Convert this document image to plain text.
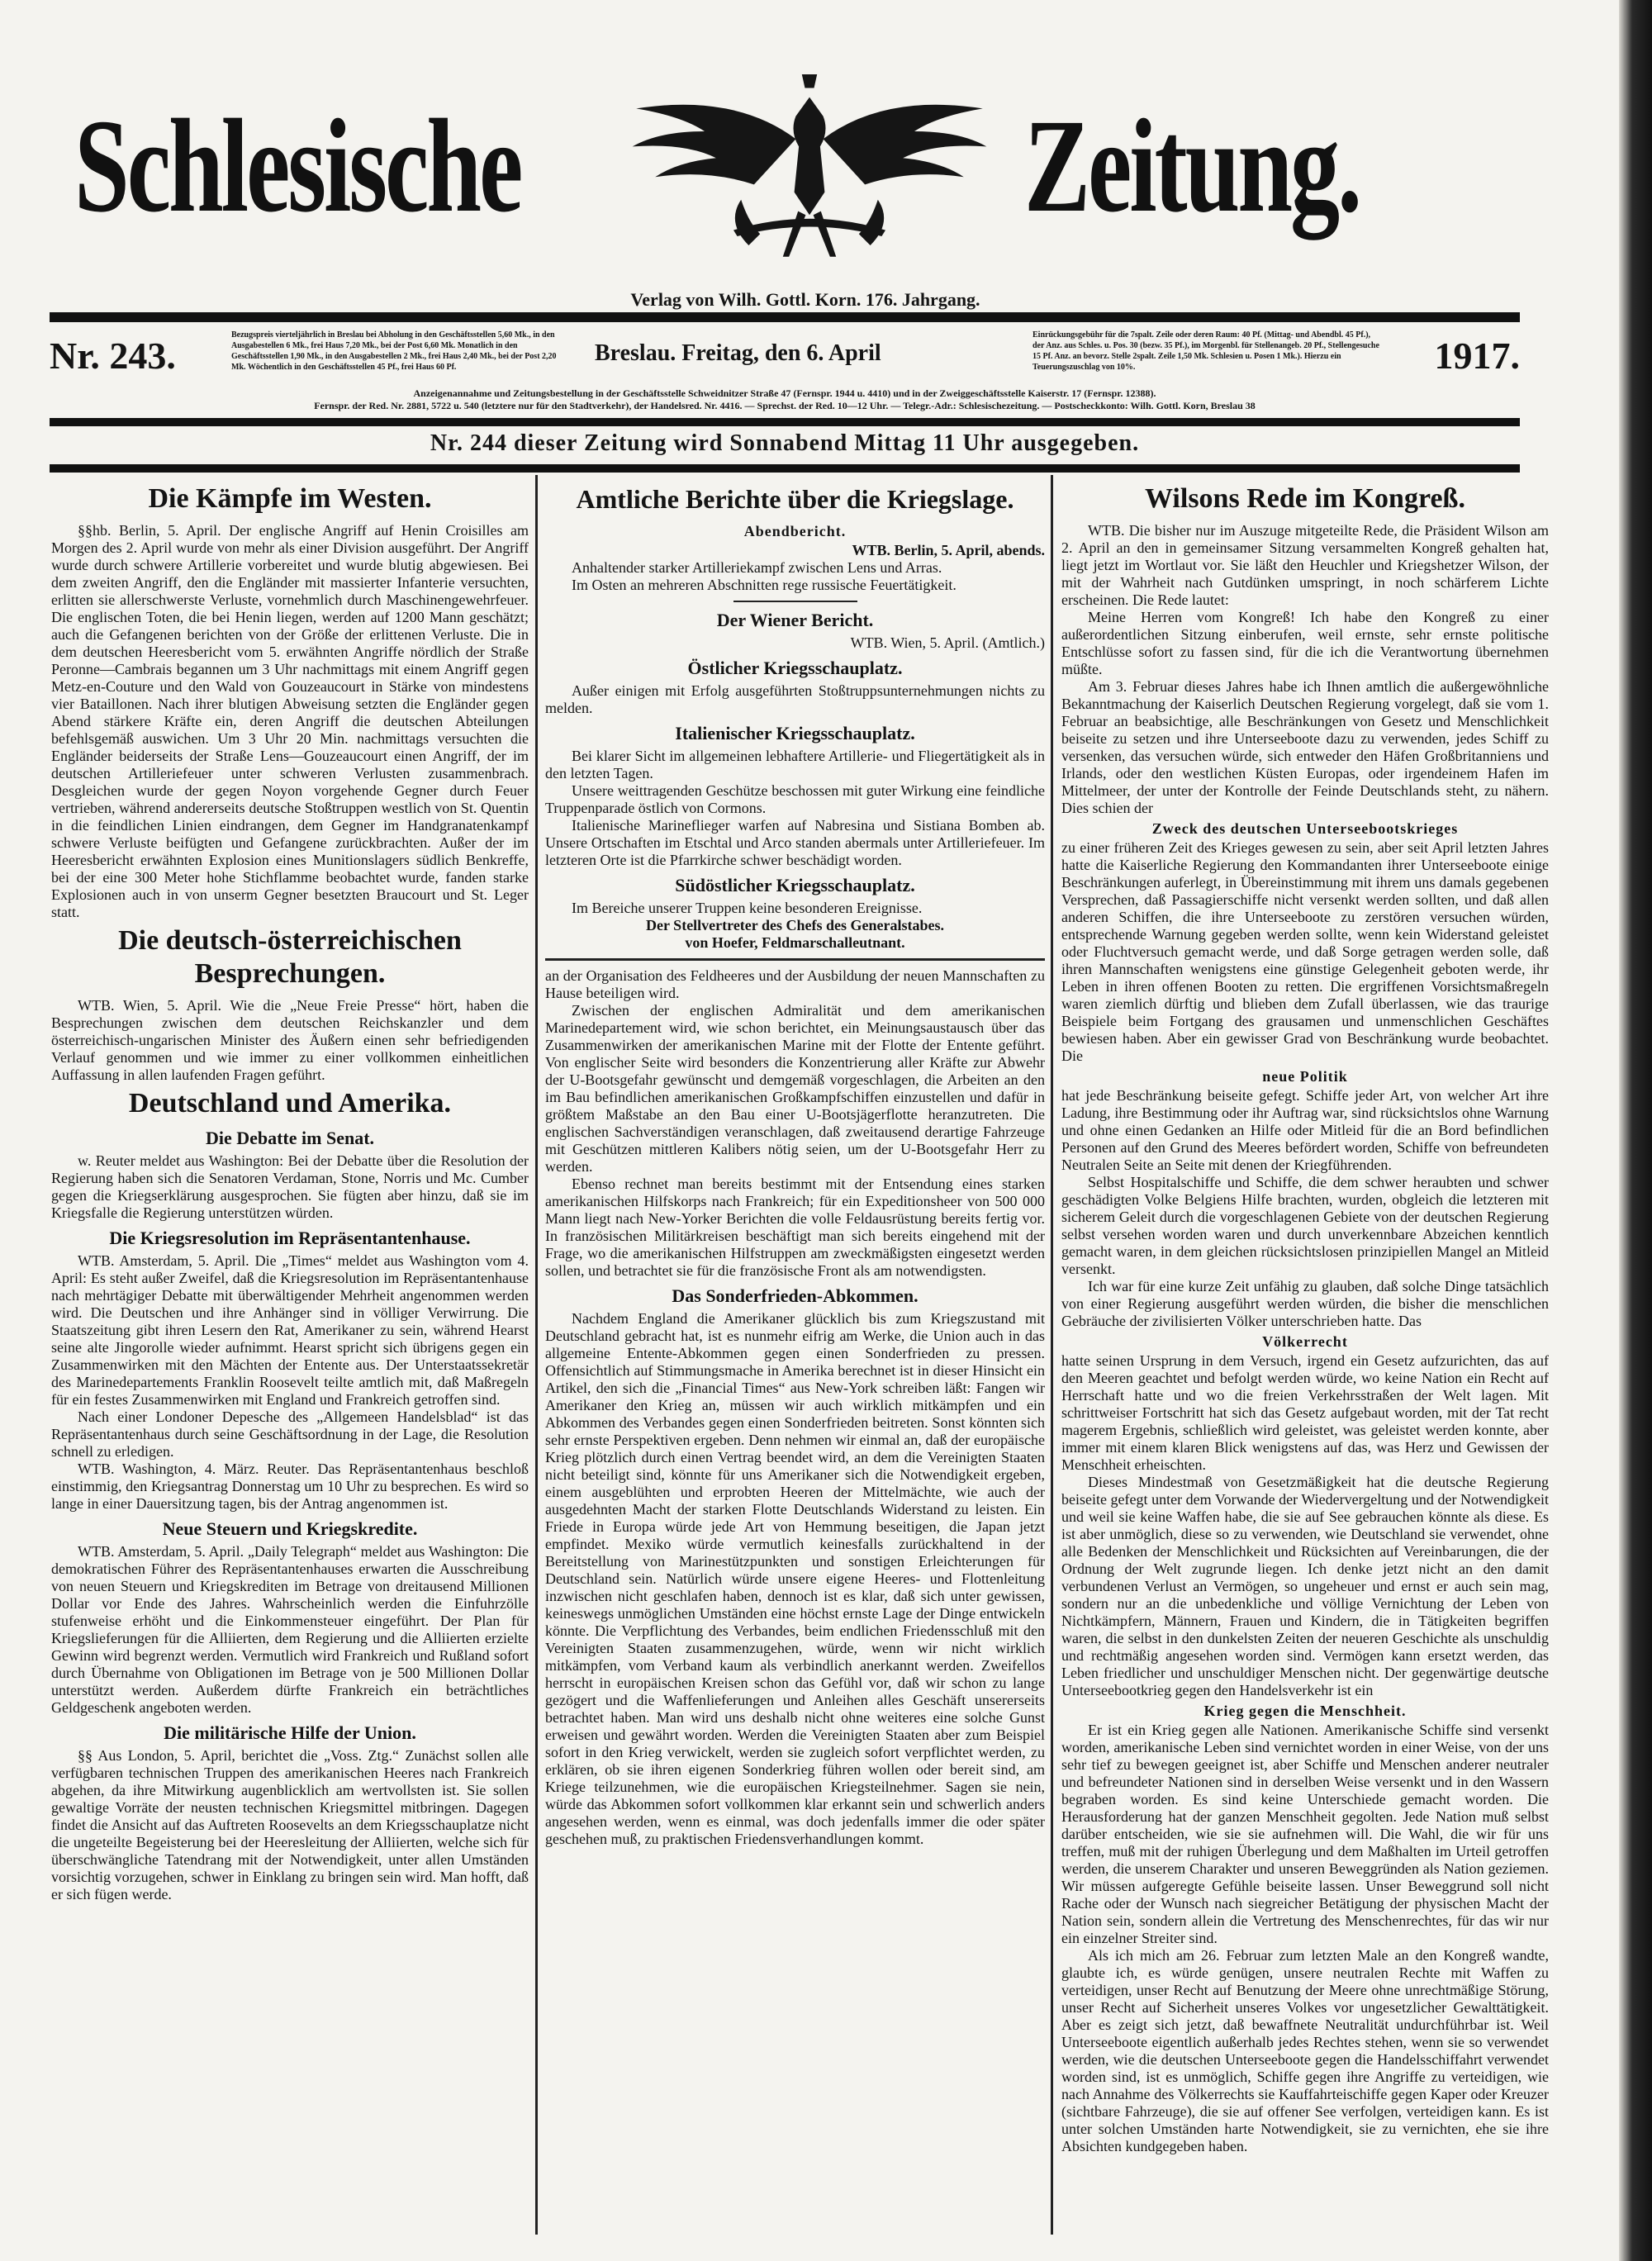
Schlesische	Zeitung.
Verlag von Wilh. Gottl. Korn. 176. Jahrgang.
Nr. 243.	Bezugspreis vierteljährlich in Breslau bei Abholung in den Geschäftsstellen 5,60 Mk., in den Ausgabestellen 6 Mk., frei Haus 7,20 Mk., bei der Post 6,60 Mk. Monatlich in den Geschäftsstellen 1,90 Mk., in den Ausgabestellen 2 Mk., frei Haus 2,40 Mk., bei der Post 2,20 Mk. Wöchentlich in den Geschäftsstellen 45 Pf., frei Haus 60 Pf.
Breslau. Freitag, den 6. April
Einrückungsgebühr für die 7spalt. Zeile oder deren Raum: 40 Pf. (Mittag- und Abendbl. 45 Pf.), der Anz. aus Schles. u. Pos. 30 (bezw. 35 Pf.), im Morgenbl. für Stellenangeb. 20 Pf., Stellengesuche 15 Pf. Anz. an bevorz. Stelle 2spalt. Zeile 1,50 Mk. Schlesien u. Posen 1 Mk.). Hierzu ein Teuerungszuschlag von 10%.	1917.
Anzeigenannahme und Zeitungsbestellung in der Geschäftsstelle Schweidnitzer Straße 47 (Fernspr. 1944 u. 4410) und in der Zweiggeschäftsstelle Kaiserstr. 17 (Fernspr. 12388).
Fernspr. der Red. Nr. 2881, 5722 u. 540 (letztere nur für den Stadtverkehr), der Handelsred. Nr. 4416. — Sprechst. der Red. 10—12 Uhr. — Telegr.-Adr.: Schlesischezeitung. — Postscheckkonto: Wilh. Gottl. Korn, Breslau 38
Nr. 244 dieser Zeitung wird Sonnabend Mittag 11 Uhr ausgegeben.
Die Kämpfe im Westen.

§§hb. Berlin, 5. April. Der englische Angriff auf Henin Croisilles am Morgen des 2. April wurde von mehr als einer Division ausgeführt. Der Angriff wurde durch schwere Artillerie vorbereitet und wurde blutig abgewiesen. Bei dem zweiten Angriff, den die Engländer mit massierter Infanterie versuchten, erlitten sie allerschwerste Verluste, vornehmlich durch Maschinengewehrfeuer. Die englischen Toten, die bei Henin liegen, werden auf 1200 Mann geschätzt; auch die Gefangenen berichten von der Größe der erlittenen Verluste. Die in dem deutschen Heeresbericht vom 5. erwähnten Angriffe nördlich der Straße Peronne—Cambrais begannen um 3 Uhr nachmittags mit einem Angriff gegen Metz-en-Couture und den Wald von Gouzeaucourt in Stärke von mindestens vier Bataillonen. Nach ihrer blutigen Abweisung setzten die Engländer gegen Abend stärkere Kräfte ein, deren Angriff die deutschen Abteilungen befehlsgemäß auswichen. Um 3 Uhr 20 Min. nachmittags versuchten die Engländer beiderseits der Straße Lens—Gouzeaucourt einen Angriff, der im deutschen Artilleriefeuer unter schweren Verlusten zusammenbrach. Desgleichen wurde der gegen Noyon vorgehende Gegner durch Feuer vertrieben, während andererseits deutsche Stoßtruppen westlich von St. Quentin in die feindlichen Linien eindrangen, dem Gegner im Handgranatenkampf schwere Verluste beifügten und Gefangene zurückbrachten. Außer der im Heeresbericht erwähnten Explosion eines Munitionslagers südlich Benkreffe, bei der eine 300 Meter hohe Stichflamme beobachtet wurde, fanden starke Explosionen auch in von unserm Gegner besetzten Braucourt und St. Leger statt.

Die deutsch-österreichischen Besprechungen.

WTB. Wien, 5. April. Wie die „Neue Freie Presse“ hört, haben die Besprechungen zwischen dem deutschen Reichskanzler und dem österreichisch-ungarischen Minister des Äußern einen sehr befriedigenden Verlauf genommen und wie immer zu einer vollkommen einheitlichen Auffassung in allen laufenden Fragen geführt.

Deutschland und Amerika.
Die Debatte im Senat.

w. Reuter meldet aus Washington: Bei der Debatte über die Resolution der Regierung haben sich die Senatoren Verdaman, Stone, Norris und Mc. Cumber gegen die Kriegserklärung ausgesprochen. Sie fügten aber hinzu, daß sie im Kriegsfalle die Regierung unterstützen würden.

Die Kriegsresolution im Repräsentantenhause.

WTB. Amsterdam, 5. April. Die „Times“ meldet aus Washington vom 4. April: Es steht außer Zweifel, daß die Kriegsresolution im Repräsentantenhause nach mehrtägiger Debatte mit überwältigender Mehrheit angenommen werden wird. Die Deutschen und ihre Anhänger sind in völliger Verwirrung. Die Staatszeitung gibt ihren Lesern den Rat, Amerikaner zu sein, während Hearst seine alte Jingorolle wieder aufnimmt. Hearst spricht sich übrigens gegen ein Zusammenwirken mit den Mächten der Entente aus. Der Unterstaatssekretär des Marinedepartements Franklin Roosevelt teilte amtlich mit, daß Maßregeln für ein festes Zusammenwirken mit England und Frankreich getroffen sind.

Nach einer Londoner Depesche des „Allgemeen Handelsblad“ ist das Repräsentantenhaus durch seine Geschäftsordnung in der Lage, die Resolution schnell zu erledigen.

WTB. Washington, 4. März. Reuter. Das Repräsentantenhaus beschloß einstimmig, den Kriegsantrag Donnerstag um 10 Uhr zu besprechen. Es wird so lange in einer Dauersitzung tagen, bis der Antrag angenommen ist.

Neue Steuern und Kriegskredite.

WTB. Amsterdam, 5. April. „Daily Telegraph“ meldet aus Washington: Die demokratischen Führer des Repräsentantenhauses erwarten die Ausschreibung von neuen Steuern und Kriegskrediten im Betrage von dreitausend Millionen Dollar vor Ende des Jahres. Wahrscheinlich werden die Einfuhrzölle stufenweise erhöht und die Einkommensteuer eingeführt. Der Plan für Kriegslieferungen für die Alliierten, dem Regierung und die Alliierten erzielte Gewinn wird begrenzt werden. Vermutlich wird Frankreich und Rußland sofort durch Übernahme von Obligationen im Betrage von je 500 Millionen Dollar unterstützt werden. Außerdem dürfte Frankreich ein beträchtliches Geldgeschenk angeboten werden.

Die militärische Hilfe der Union.

§§ Aus London, 5. April, berichtet die „Voss. Ztg.“ Zunächst sollen alle verfügbaren technischen Truppen des amerikanischen Heeres nach Frankreich abgehen, da ihre Mitwirkung augenblicklich am wertvollsten ist. Sie sollen gewaltige Vorräte der neusten technischen Kriegsmittel mitbringen. Dagegen findet die Ansicht auf das Auftreten Roosevelts an dem Kriegsschauplatze nicht die ungeteilte Begeisterung bei der Heeresleitung der Alliierten, welche sich für überschwängliche Tatendrang mit der Notwendigkeit, unter allen Umständen vorsichtig vorzugehen, schwer in Einklang zu bringen sein wird. Man hofft, daß er sich fügen werde.

Amtliche Berichte über die Kriegslage.
Abendbericht.

WTB. Berlin, 5. April, abends.

Anhaltender starker Artilleriekampf zwischen Lens und Arras.

Im Osten an mehreren Abschnitten rege russische Feuertätigkeit.

Der Wiener Bericht.

WTB. Wien, 5. April. (Amtlich.)

Östlicher Kriegsschauplatz.

Außer einigen mit Erfolg ausgeführten Stoßtruppsunternehmungen nichts zu melden.

Italienischer Kriegsschauplatz.

Bei klarer Sicht im allgemeinen lebhaftere Artillerie- und Fliegertätigkeit als in den letzten Tagen.

Unsere weittragenden Geschütze beschossen mit guter Wirkung eine feindliche Truppenparade östlich von Cormons.

Italienische Marineflieger warfen auf Nabresina und Sistiana Bomben ab. Unsere Ortschaften im Etschtal und Arco standen abermals unter Artilleriefeuer. Im letzteren Orte ist die Pfarrkirche schwer beschädigt worden.

Südöstlicher Kriegsschauplatz.

Im Bereiche unserer Truppen keine besonderen Ereignisse.

Der Stellvertreter des Chefs des Generalstabes.

von Hoefer, Feldmarschalleutnant.

an der Organisation des Feldheeres und der Ausbildung der neuen Mannschaften zu Hause beteiligen wird.

Zwischen der englischen Admiralität und dem amerikanischen Marinedepartement wird, wie schon berichtet, ein Meinungsaustausch über das Zusammenwirken der amerikanischen Marine mit der Flotte der Entente geführt. Von englischer Seite wird besonders die Konzentrierung aller Kräfte zur Abwehr der U-Bootsgefahr gewünscht und demgemäß vorgeschlagen, die Arbeiten an den im Bau befindlichen amerikanischen Großkampfschiffen einzustellen und dafür in größtem Maßstabe an den Bau einer U-Bootsjägerflotte heranzutreten. Die englischen Sachverständigen veranschlagen, daß zweitausend derartige Fahrzeuge mit Geschützen mittleren Kalibers nötig seien, um der U-Bootsgefahr Herr zu werden.

Ebenso rechnet man bereits bestimmt mit der Entsendung eines starken amerikanischen Hilfskorps nach Frankreich; für ein Expeditionsheer von 500 000 Mann liegt nach New-Yorker Berichten die volle Feldausrüstung bereits fertig vor. In französischen Militärkreisen beschäftigt man sich bereits eingehend mit der Frage, wo die amerikanischen Hilfstruppen am zweckmäßigsten eingesetzt werden sollen, und betrachtet sie für die französische Front als am notwendigsten.

Das Sonderfrieden-Abkommen.

Nachdem England die Amerikaner glücklich bis zum Kriegszustand mit Deutschland gebracht hat, ist es nunmehr eifrig am Werke, die Union auch in das allgemeine Entente-Abkommen gegen einen Sonderfrieden zu pressen. Offensichtlich auf Stimmungsmache in Amerika berechnet ist in dieser Hinsicht ein Artikel, den sich die „Financial Times“ aus New-York schreiben läßt: Fangen wir Amerikaner den Krieg an, müssen wir auch wirklich mitkämpfen und ein Abkommen des Verbandes gegen einen Sonderfrieden beitreten. Sonst könnten sich sehr ernste Perspektiven ergeben. Denn nehmen wir einmal an, daß der europäische Krieg plötzlich durch einen Vertrag beendet wird, an dem die Vereinigten Staaten nicht beteiligt sind, könnte für uns Amerikaner sich die Notwendigkeit ergeben, einem ausgeblühten und erprobten Heeren der Mittelmächte, wie auch der ausgedehnten Macht der starken Flotte Deutschlands Widerstand zu leisten. Ein Friede in Europa würde jede Art von Hemmung beseitigen, die Japan jetzt empfindet. Mexiko würde vermutlich keinesfalls zurückhaltend in der Bereitstellung von Marinestützpunkten und sonstigen Erleichterungen für Deutschland sein. Natürlich würde unsere eigene Heeres- und Flottenleitung inzwischen nicht geschlafen haben, dennoch ist es klar, daß sich unter gewissen, keineswegs unmöglichen Umständen eine höchst ernste Lage der Dinge entwickeln könnte. Die Verpflichtung des Verbandes, beim endlichen Friedensschluß mit den Vereinigten Staaten zusammenzugehen, würde, wenn wir nicht wirklich mitkämpfen, vom Verband kaum als verbindlich anerkannt werden. Zweifellos herrscht in europäischen Kreisen schon das Gefühl vor, daß wir schon zu lange gezögert und die Waffenlieferungen und Anleihen alles Geschäft unsererseits betrachtet haben. Man wird uns deshalb nicht ohne weiteres eine solche Gunst erweisen und gewährt worden. Werden die Vereinigten Staaten aber zum Beispiel sofort in den Krieg verwickelt, werden sie zugleich sofort verpflichtet werden, zu erklären, ob sie ihren eigenen Sonderkrieg führen wollen oder bereit sind, am Kriege teilzunehmen, wie die europäischen Kriegsteilnehmer. Sagen sie nein, würde das Abkommen sofort vollkommen klar erkannt sein und schwerlich anders angesehen werden, wenn es einmal, was doch jedenfalls immer die oder später geschehen muß, zu praktischen Friedensverhandlungen kommt.

Wilsons Rede im Kongreß.

WTB. Die bisher nur im Auszuge mitgeteilte Rede, die Präsident Wilson am 2. April an den in gemeinsamer Sitzung versammelten Kongreß gehalten hat, liegt jetzt im Wortlaut vor. Sie läßt den Heuchler und Kriegshetzer Wilson, der mit der Wahrheit nach Gutdünken umspringt, in noch schärferem Lichte erscheinen. Die Rede lautet:

Meine Herren vom Kongreß! Ich habe den Kongreß zu einer außerordentlichen Sitzung einberufen, weil ernste, sehr ernste politische Entschlüsse sofort zu fassen sind, für die ich die Verantwortung übernehmen müßte.

Am 3. Februar dieses Jahres habe ich Ihnen amtlich die außergewöhnliche Bekanntmachung der Kaiserlich Deutschen Regierung vorgelegt, daß sie vom 1. Februar an beabsichtige, alle Beschränkungen von Gesetz und Menschlichkeit beiseite zu setzen und ihre Unterseeboote dazu zu verwenden, jedes Schiff zu versenken, das versuchen würde, sich entweder den Häfen Großbritanniens und Irlands, oder den westlichen Küsten Europas, oder irgendeinem Hafen im Mittelmeer, der unter der Kontrolle der Feinde Deutschlands steht, zu nähern. Dies schien der

Zweck des deutschen Unterseebootskrieges

zu einer früheren Zeit des Krieges gewesen zu sein, aber seit April letzten Jahres hatte die Kaiserliche Regierung den Kommandanten ihrer Unterseeboote einige Beschränkungen auferlegt, in Übereinstimmung mit ihrem uns damals gegebenen Versprechen, daß Passagierschiffe nicht versenkt werden sollten, und daß allen anderen Schiffen, die ihre Unterseeboote zu zerstören versuchen würden, entsprechende Warnung gegeben werden sollte, wenn kein Widerstand geleistet oder Fluchtversuch gemacht werde, und daß Sorge getragen werden solle, daß ihren Mannschaften wenigstens eine günstige Gelegenheit geboten werde, ihr Leben in ihren offenen Booten zu retten. Die ergriffenen Vorsichtsmaßregeln waren ziemlich dürftig und blieben dem Zufall überlassen, wie das traurige Beispiele beim Fortgang des grausamen und unmenschlichen Geschäftes bewiesen haben. Aber ein gewisser Grad von Beschränkung wurde beobachtet. Die

neue Politik

hat jede Beschränkung beiseite gefegt. Schiffe jeder Art, von welcher Art ihre Ladung, ihre Bestimmung oder ihr Auftrag war, sind rücksichtslos ohne Warnung und ohne einen Gedanken an Hilfe oder Mitleid für die an Bord befindlichen Personen auf den Grund des Meeres befördert worden, Schiffe von befreundeten Neutralen Seite an Seite mit denen der Kriegführenden.

Selbst Hospitalschiffe und Schiffe, die dem schwer heraubten und schwer geschädigten Volke Belgiens Hilfe brachten, wurden, obgleich die letzteren mit sicherem Geleit durch die vorgeschlagenen Gebiete von der deutschen Regierung selbst versehen worden waren und durch unverkennbare Abzeichen kenntlich gemacht waren, in dem gleichen rücksichtslosen prinzipiellen Mangel an Mitleid versenkt.

Ich war für eine kurze Zeit unfähig zu glauben, daß solche Dinge tatsächlich von einer Regierung ausgeführt werden würden, die bisher die menschlichen Gebräuche der zivilisierten Völker unterschrieben hatte. Das

Völkerrecht

hatte seinen Ursprung in dem Versuch, irgend ein Gesetz aufzurichten, das auf den Meeren geachtet und befolgt werden würde, wo keine Nation ein Recht auf Herrschaft hatte und wo die freien Verkehrsstraßen der Welt lagen. Mit schrittweiser Fortschritt hat sich das Gesetz aufgebaut worden, mit der Tat recht magerem Ergebnis, schließlich wird geleistet, was geleistet werden konnte, aber immer mit einem klaren Blick wenigstens auf das, was Herz und Gewissen der Menschheit erheischten.

Dieses Mindestmaß von Gesetzmäßigkeit hat die deutsche Regierung beiseite gefegt unter dem Vorwande der Wiedervergeltung und der Notwendigkeit und weil sie keine Waffen habe, die sie auf See gebrauchen könnte als diese. Es ist aber unmöglich, diese so zu verwenden, wie Deutschland sie verwendet, ohne alle Bedenken der Menschlichkeit und Rücksichten auf Vereinbarungen, die der Ordnung der Welt zugrunde liegen. Ich denke jetzt nicht an den damit verbundenen Verlust an Vermögen, so ungeheuer und ernst er auch sein mag, sondern nur an die unbedenkliche und völlige Vernichtung der Leben von Nichtkämpfern, Männern, Frauen und Kindern, die in Tätigkeiten begriffen waren, die selbst in den dunkelsten Zeiten der neueren Geschichte als unschuldig und rechtmäßig angesehen worden sind. Vermögen kann ersetzt werden, das Leben friedlicher und unschuldiger Menschen nicht. Der gegenwärtige deutsche Unterseebootkrieg gegen den Handelsverkehr ist ein

Krieg gegen die Menschheit.

Er ist ein Krieg gegen alle Nationen. Amerikanische Schiffe sind versenkt worden, amerikanische Leben sind vernichtet worden in einer Weise, von der uns sehr tief zu bewegen geeignet ist, aber Schiffe und Menschen anderer neutraler und befreundeter Nationen sind in derselben Weise versenkt und in den Wassern begraben worden. Es sind keine Unterschiede gemacht worden. Die Herausforderung hat der ganzen Menschheit gegolten. Jede Nation muß selbst darüber entscheiden, wie sie sie aufnehmen will. Die Wahl, die wir für uns treffen, muß mit der ruhigen Überlegung und dem Maßhalten im Urteil getroffen werden, die unserem Charakter und unseren Beweggründen als Nation geziemen. Wir müssen aufgeregte Gefühle beiseite lassen. Unser Beweggrund soll nicht Rache oder der Wunsch nach siegreicher Betätigung der physischen Macht der Nation sein, sondern allein die Vertretung des Menschenrechtes, für das wir nur ein einzelner Streiter sind.

Als ich mich am 26. Februar zum letzten Male an den Kongreß wandte, glaubte ich, es würde genügen, unsere neutralen Rechte mit Waffen zu verteidigen, unser Recht auf Benutzung der Meere ohne unrechtmäßige Störung, unser Recht auf Sicherheit unseres Volkes vor ungesetzlicher Gewalttätigkeit. Aber es zeigt sich jetzt, daß bewaffnete Neutralität undurchführbar ist. Weil Unterseeboote eigentlich außerhalb jedes Rechtes stehen, wenn sie so verwendet werden, wie die deutschen Unterseeboote gegen die Handelsschiffahrt verwendet worden sind, ist es unmöglich, Schiffe gegen ihre Angriffe zu verteidigen, wie nach Annahme des Völkerrechts sie Kauffahrteischiffe gegen Kaper oder Kreuzer (sichtbare Fahrzeuge), die sie auf offener See verfolgen, verteidigen kann. Es ist unter solchen Umständen harte Notwendigkeit, sie zu vernichten, ehe sie ihre Absichten kundgegeben haben.
